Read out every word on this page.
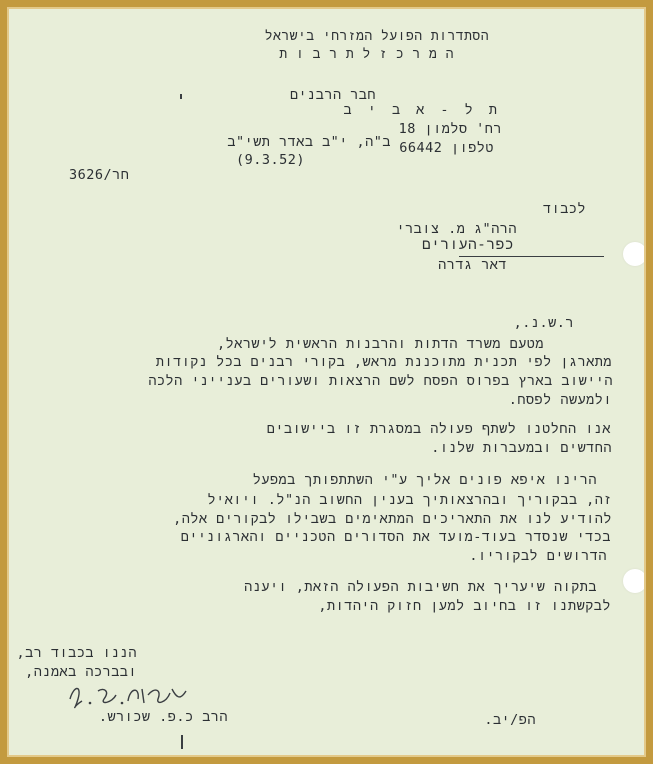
הסתדרות הפועל המזרחי בישראל
ה מ ר כ ז ל ת ר ב ו ת
חבר הרבנים
ת ל - א ב י ב
רח' סלמון 18
טלפון 66442
ב"ה, י"ב באדר תשי"ב
(9.3.52)
3626/חר
לכבוד
הרה"ג מ. צוברי
כפר-העורים
דאר גדרה
ר.ש.נ.,
מטעם משרד הדתות והרבנות הראשית לישראל,
מתארגן לפי תכנית מתוכננת מראש, בקורי רבנים בכל נקודות
היישוב בארץ בפרוס הפסח לשם הרצאות ושעורים בענייני הלכה
ולמעשה לפסח.
אנו החלטנו לשתף פעולה במסגרת זו ביישובים
החדשים ובמעברות שלנו.
הרינו איפא פונים אליך ע"י השתתפותך במפעל
זה, בבקוריך ובהרצאותיך בענין החשוב הנ"ל. ויואיל
להודיע לנו את התאריכים המתאימים בשבילו לבקורים אלה,
בכדי שנסדר בעוד-מועד את הסדורים הטכניים והארגוניים
הדרושים לבקוריו.
בתקוה שיעריך את חשיבות הפעולה הזאת, ויענה
לבקשתנו זו בחיוב למען חזוק היהדות,
הננו בכבוד רב,
ובברכה באמנה,
הרב כ.פ. שכורש.	הפ/יב.
